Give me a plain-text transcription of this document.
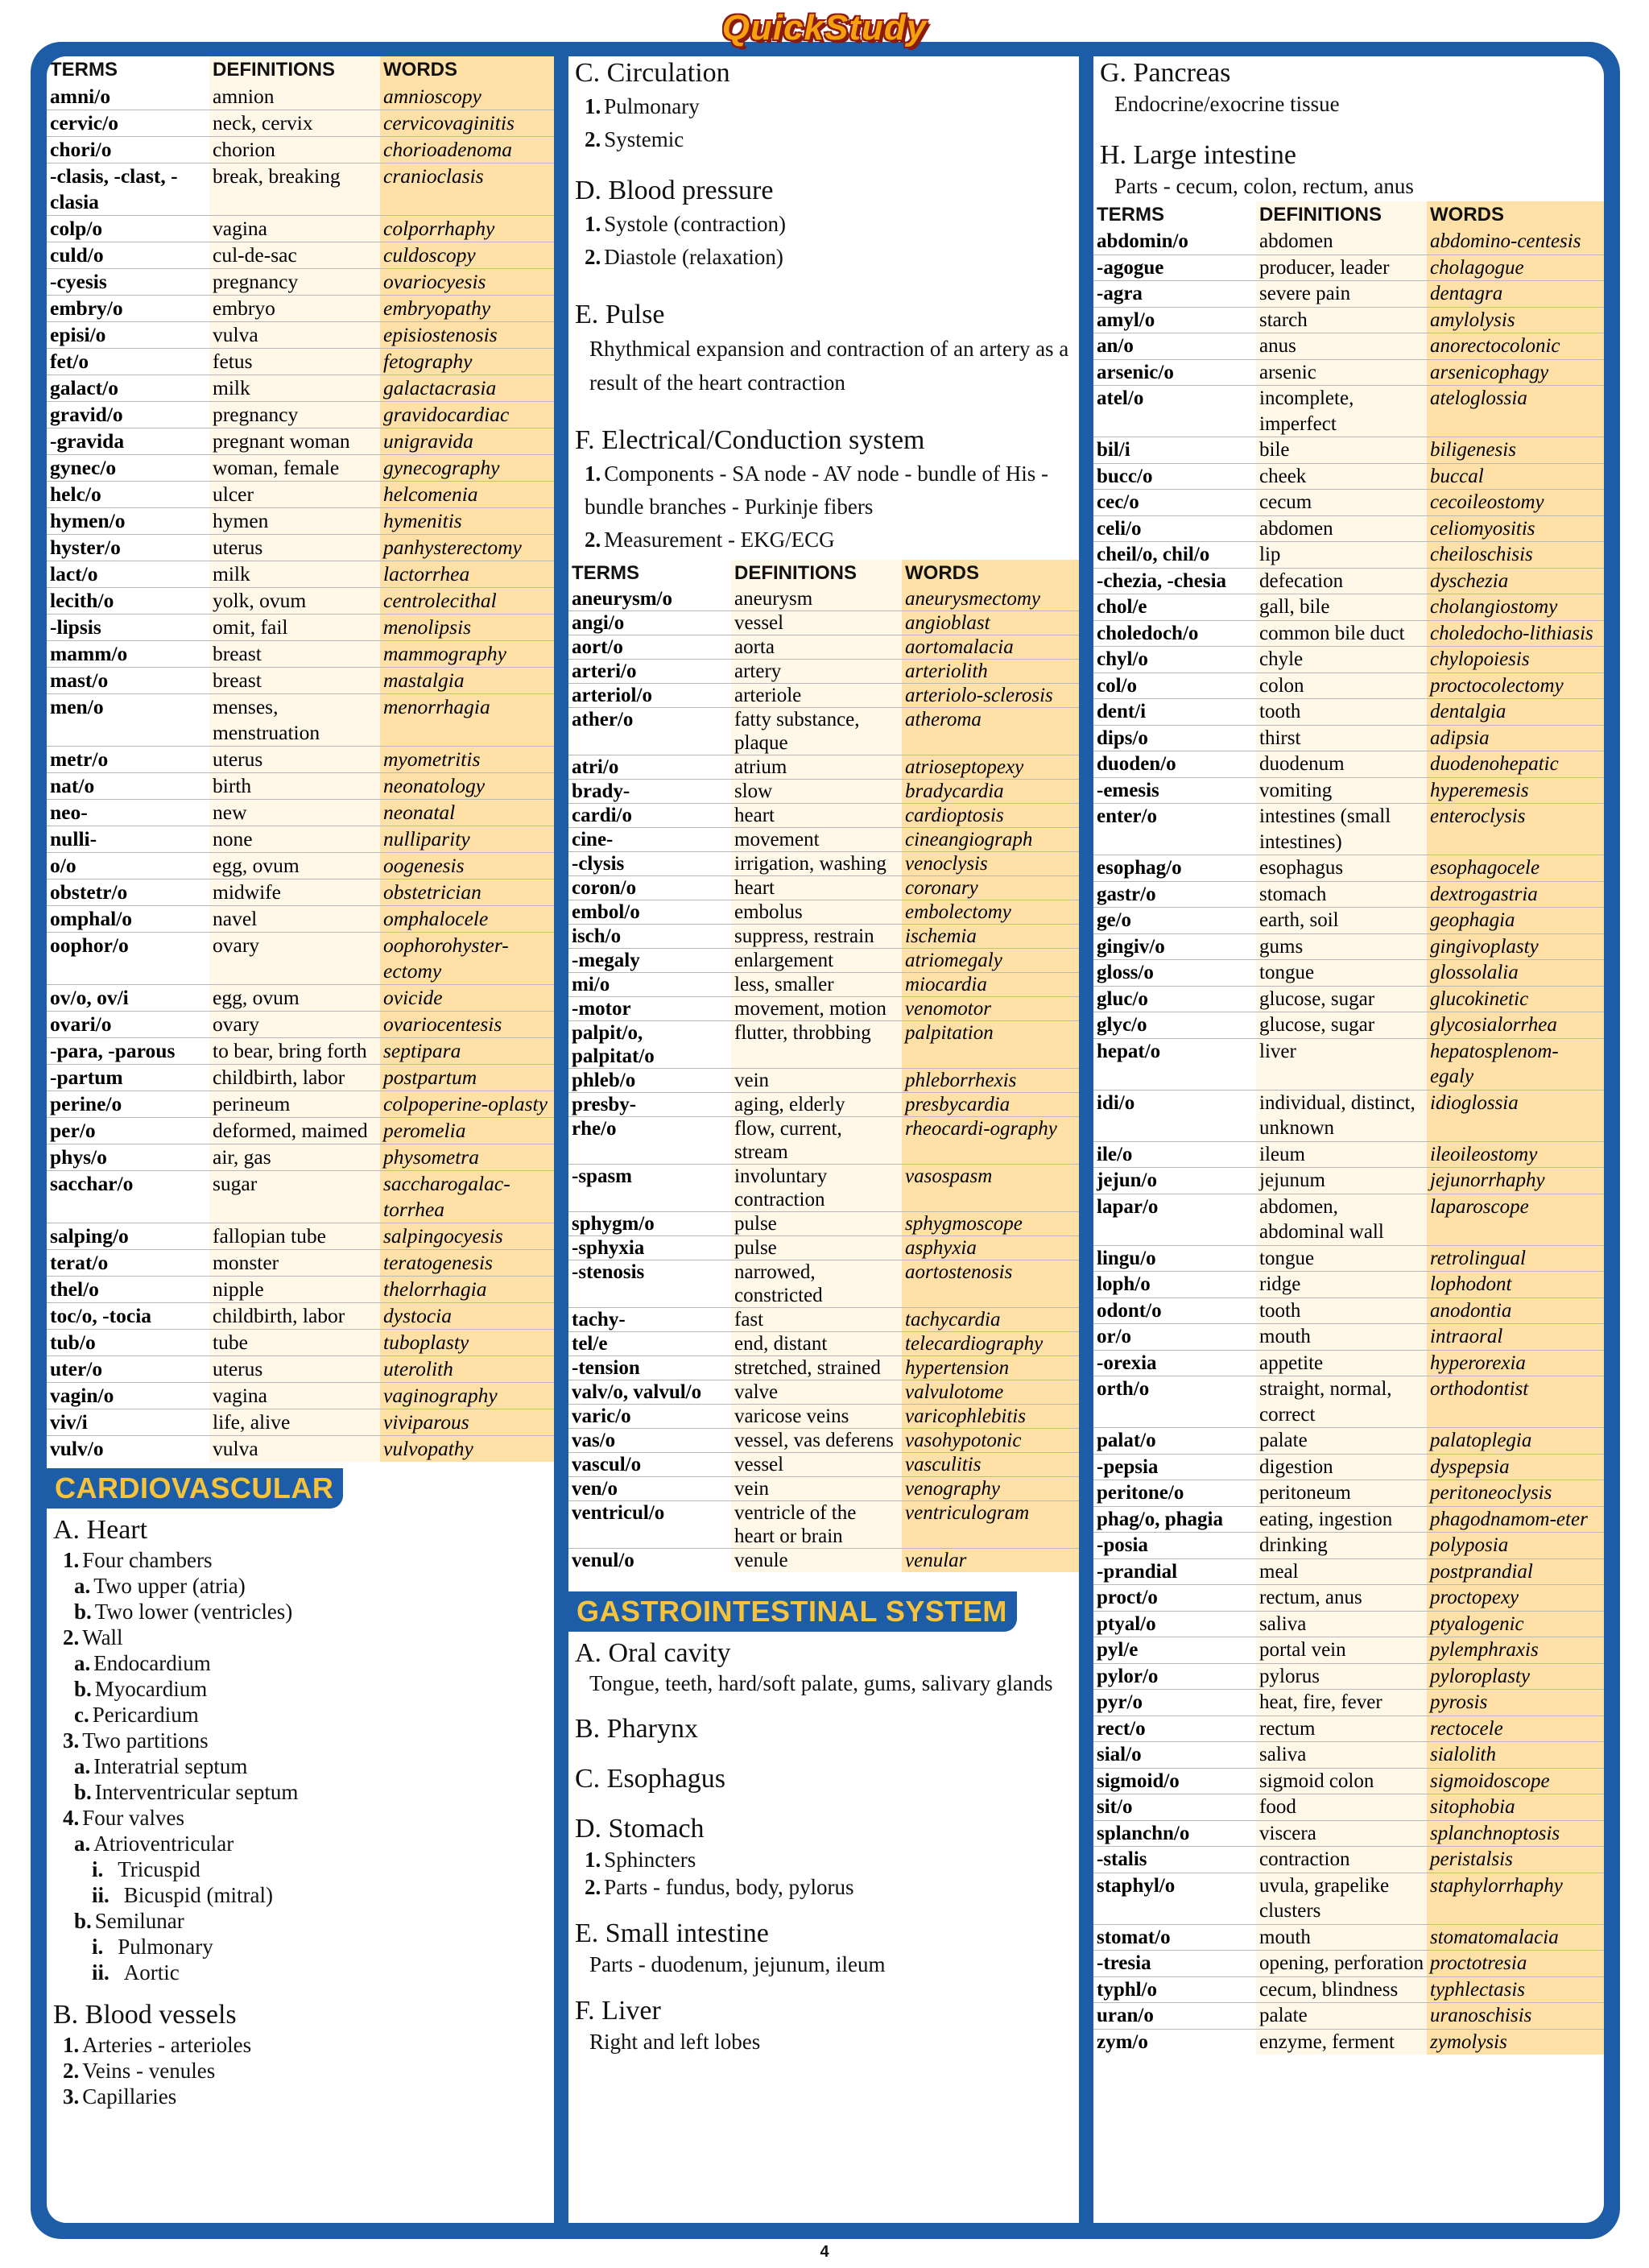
QuickStudy
TERMS	DEFINITIONS	WORDS
amni/o	amnion	amnioscopy
cervic/o	neck, cervix	cervicovaginitis
chori/o	chorion	chorioadenoma
-clasis, -clast, -clasia	break, breaking	cranioclasis
colp/o	vagina	colporrhaphy
culd/o	cul-de-sac	culdoscopy
-cyesis	pregnancy	ovariocyesis
embry/o	embryo	embryopathy
episi/o	vulva	episiostenosis
fet/o	fetus	fetography
galact/o	milk	galactacrasia
gravid/o	pregnancy	gravidocardiac
-gravida	pregnant woman	unigravida
gynec/o	woman, female	gynecography
helc/o	ulcer	helcomenia
hymen/o	hymen	hymenitis
hyster/o	uterus	panhysterectomy
lact/o	milk	lactorrhea
lecith/o	yolk, ovum	centrolecithal
-lipsis	omit, fail	menolipsis
mamm/o	breast	mammography
mast/o	breast	mastalgia
men/o	menses, menstruation	menorrhagia
metr/o	uterus	myometritis
nat/o	birth	neonatology
neo-	new	neonatal
nulli-	none	nulliparity
o/o	egg, ovum	oogenesis
obstetr/o	midwife	obstetrician
omphal/o	navel	omphalocele
oophor/o	ovary	oophorohyster-ectomy
ov/o, ov/i	egg, ovum	ovicide
ovari/o	ovary	ovariocentesis
-para, -parous	to bear, bring forth	septipara
-partum	childbirth, labor	postpartum
perine/o	perineum	colpoperine-oplasty
per/o	deformed, maimed	peromelia
phys/o	air, gas	physometra
sacchar/o	sugar	saccharogalac-torrhea
salping/o	fallopian tube	salpingocyesis
terat/o	monster	teratogenesis
thel/o	nipple	thelorrhagia
toc/o, -tocia	childbirth, labor	dystocia
tub/o	tube	tuboplasty
uter/o	uterus	uterolith
vagin/o	vagina	vaginography
viv/i	life, alive	viviparous
vulv/o	vulva	vulvopathy
CARDIOVASCULAR
A. Heart
1. Four chambers
a. Two upper (atria)
b. Two lower (ventricles)
2. Wall
a. Endocardium
b. Myocardium
c. Pericardium
3. Two partitions
a. Interatrial septum
b. Interventricular septum
4. Four valves
a. Atrioventricular
i. Tricuspid
ii. Bicuspid (mitral)
b. Semilunar
i. Pulmonary
ii. Aortic
B. Blood vessels
1. Arteries - arterioles
2. Veins - venules
3. Capillaries
C. Circulation
1. Pulmonary
2. Systemic
D. Blood pressure
1. Systole (contraction)
2. Diastole (relaxation)
E. Pulse
Rhythmical expansion and contraction of an artery as a result of the heart contraction
F. Electrical/Conduction system
1. Components - SA node - AV node - bundle of His - bundle branches - Purkinje fibers
2. Measurement - EKG/ECG
TERMS	DEFINITIONS	WORDS
aneurysm/o	aneurysm	aneurysmectomy
angi/o	vessel	angioblast
aort/o	aorta	aortomalacia
arteri/o	artery	arteriolith
arteriol/o	arteriole	arteriolo-sclerosis
ather/o	fatty substance, plaque	atheroma
atri/o	atrium	atrioseptopexy
brady-	slow	bradycardia
cardi/o	heart	cardioptosis
cine-	movement	cineangiograph
-clysis	irrigation, washing	venoclysis
coron/o	heart	coronary
embol/o	embolus	embolectomy
isch/o	suppress, restrain	ischemia
-megaly	enlargement	atriomegaly
mi/o	less, smaller	miocardia
-motor	movement, motion	venomotor
palpit/o, palpitat/o	flutter, throbbing	palpitation
phleb/o	vein	phleborrhexis
presby-	aging, elderly	presbycardia
rhe/o	flow, current, stream	rheocardi-ography
-spasm	involuntary contraction	vasospasm
sphygm/o	pulse	sphygmoscope
-sphyxia	pulse	asphyxia
-stenosis	narrowed, constricted	aortostenosis
tachy-	fast	tachycardia
tel/e	end, distant	telecardiography
-tension	stretched, strained	hypertension
valv/o, valvul/o	valve	valvulotome
varic/o	varicose veins	varicophlebitis
vas/o	vessel, vas deferens	vasohypotonic
vascul/o	vessel	vasculitis
ven/o	vein	venography
ventricul/o	ventricle of the heart or brain	ventriculogram
venul/o	venule	venular
GASTROINTESTINAL SYSTEM
A. Oral cavity
Tongue, teeth, hard/soft palate, gums, salivary glands
B. Pharynx
C. Esophagus
D. Stomach
1. Sphincters
2. Parts - fundus, body, pylorus
E. Small intestine
Parts - duodenum, jejunum, ileum
F. Liver
Right and left lobes
G. Pancreas
Endocrine/exocrine tissue
H. Large intestine
Parts - cecum, colon, rectum, anus
TERMS	DEFINITIONS	WORDS
abdomin/o	abdomen	abdomino-centesis
-agogue	producer, leader	cholagogue
-agra	severe pain	dentagra
amyl/o	starch	amylolysis
an/o	anus	anorectocolonic
arsenic/o	arsenic	arsenicophagy
atel/o	incomplete, imperfect	ateloglossia
bil/i	bile	biligenesis
bucc/o	cheek	buccal
cec/o	cecum	cecoileostomy
celi/o	abdomen	celiomyositis
cheil/o, chil/o	lip	cheiloschisis
-chezia, -chesia	defecation	dyschezia
chol/e	gall, bile	cholangiostomy
choledoch/o	common bile duct	choledocho-lithiasis
chyl/o	chyle	chylopoiesis
col/o	colon	proctocolectomy
dent/i	tooth	dentalgia
dips/o	thirst	adipsia
duoden/o	duodenum	duodenohepatic
-emesis	vomiting	hyperemesis
enter/o	intestines (small intestines)	enteroclysis
esophag/o	esophagus	esophagocele
gastr/o	stomach	dextrogastria
ge/o	earth, soil	geophagia
gingiv/o	gums	gingivoplasty
gloss/o	tongue	glossolalia
gluc/o	glucose, sugar	glucokinetic
glyc/o	glucose, sugar	glycosialorrhea
hepat/o	liver	hepatosplenom-egaly
idi/o	individual, distinct, unknown	idioglossia
ile/o	ileum	ileoileostomy
jejun/o	jejunum	jejunorrhaphy
lapar/o	abdomen, abdominal wall	laparoscope
lingu/o	tongue	retrolingual
loph/o	ridge	lophodont
odont/o	tooth	anodontia
or/o	mouth	intraoral
-orexia	appetite	hyperorexia
orth/o	straight, normal, correct	orthodontist
palat/o	palate	palatoplegia
-pepsia	digestion	dyspepsia
peritone/o	peritoneum	peritoneoclysis
phag/o, phagia	eating, ingestion	phagodnamom-eter
-posia	drinking	polyposia
-prandial	meal	postprandial
proct/o	rectum, anus	proctopexy
ptyal/o	saliva	ptyalogenic
pyl/e	portal vein	pylemphraxis
pylor/o	pylorus	pyloroplasty
pyr/o	heat, fire, fever	pyrosis
rect/o	rectum	rectocele
sial/o	saliva	sialolith
sigmoid/o	sigmoid colon	sigmoidoscope
sit/o	food	sitophobia
splanchn/o	viscera	splanchnoptosis
-stalis	contraction	peristalsis
staphyl/o	uvula, grapelike clusters	staphylorrhaphy
stomat/o	mouth	stomatomalacia
-tresia	opening, perforation	proctotresia
typhl/o	cecum, blindness	typhlectasis
uran/o	palate	uranoschisis
zym/o	enzyme, ferment	zymolysis
4
